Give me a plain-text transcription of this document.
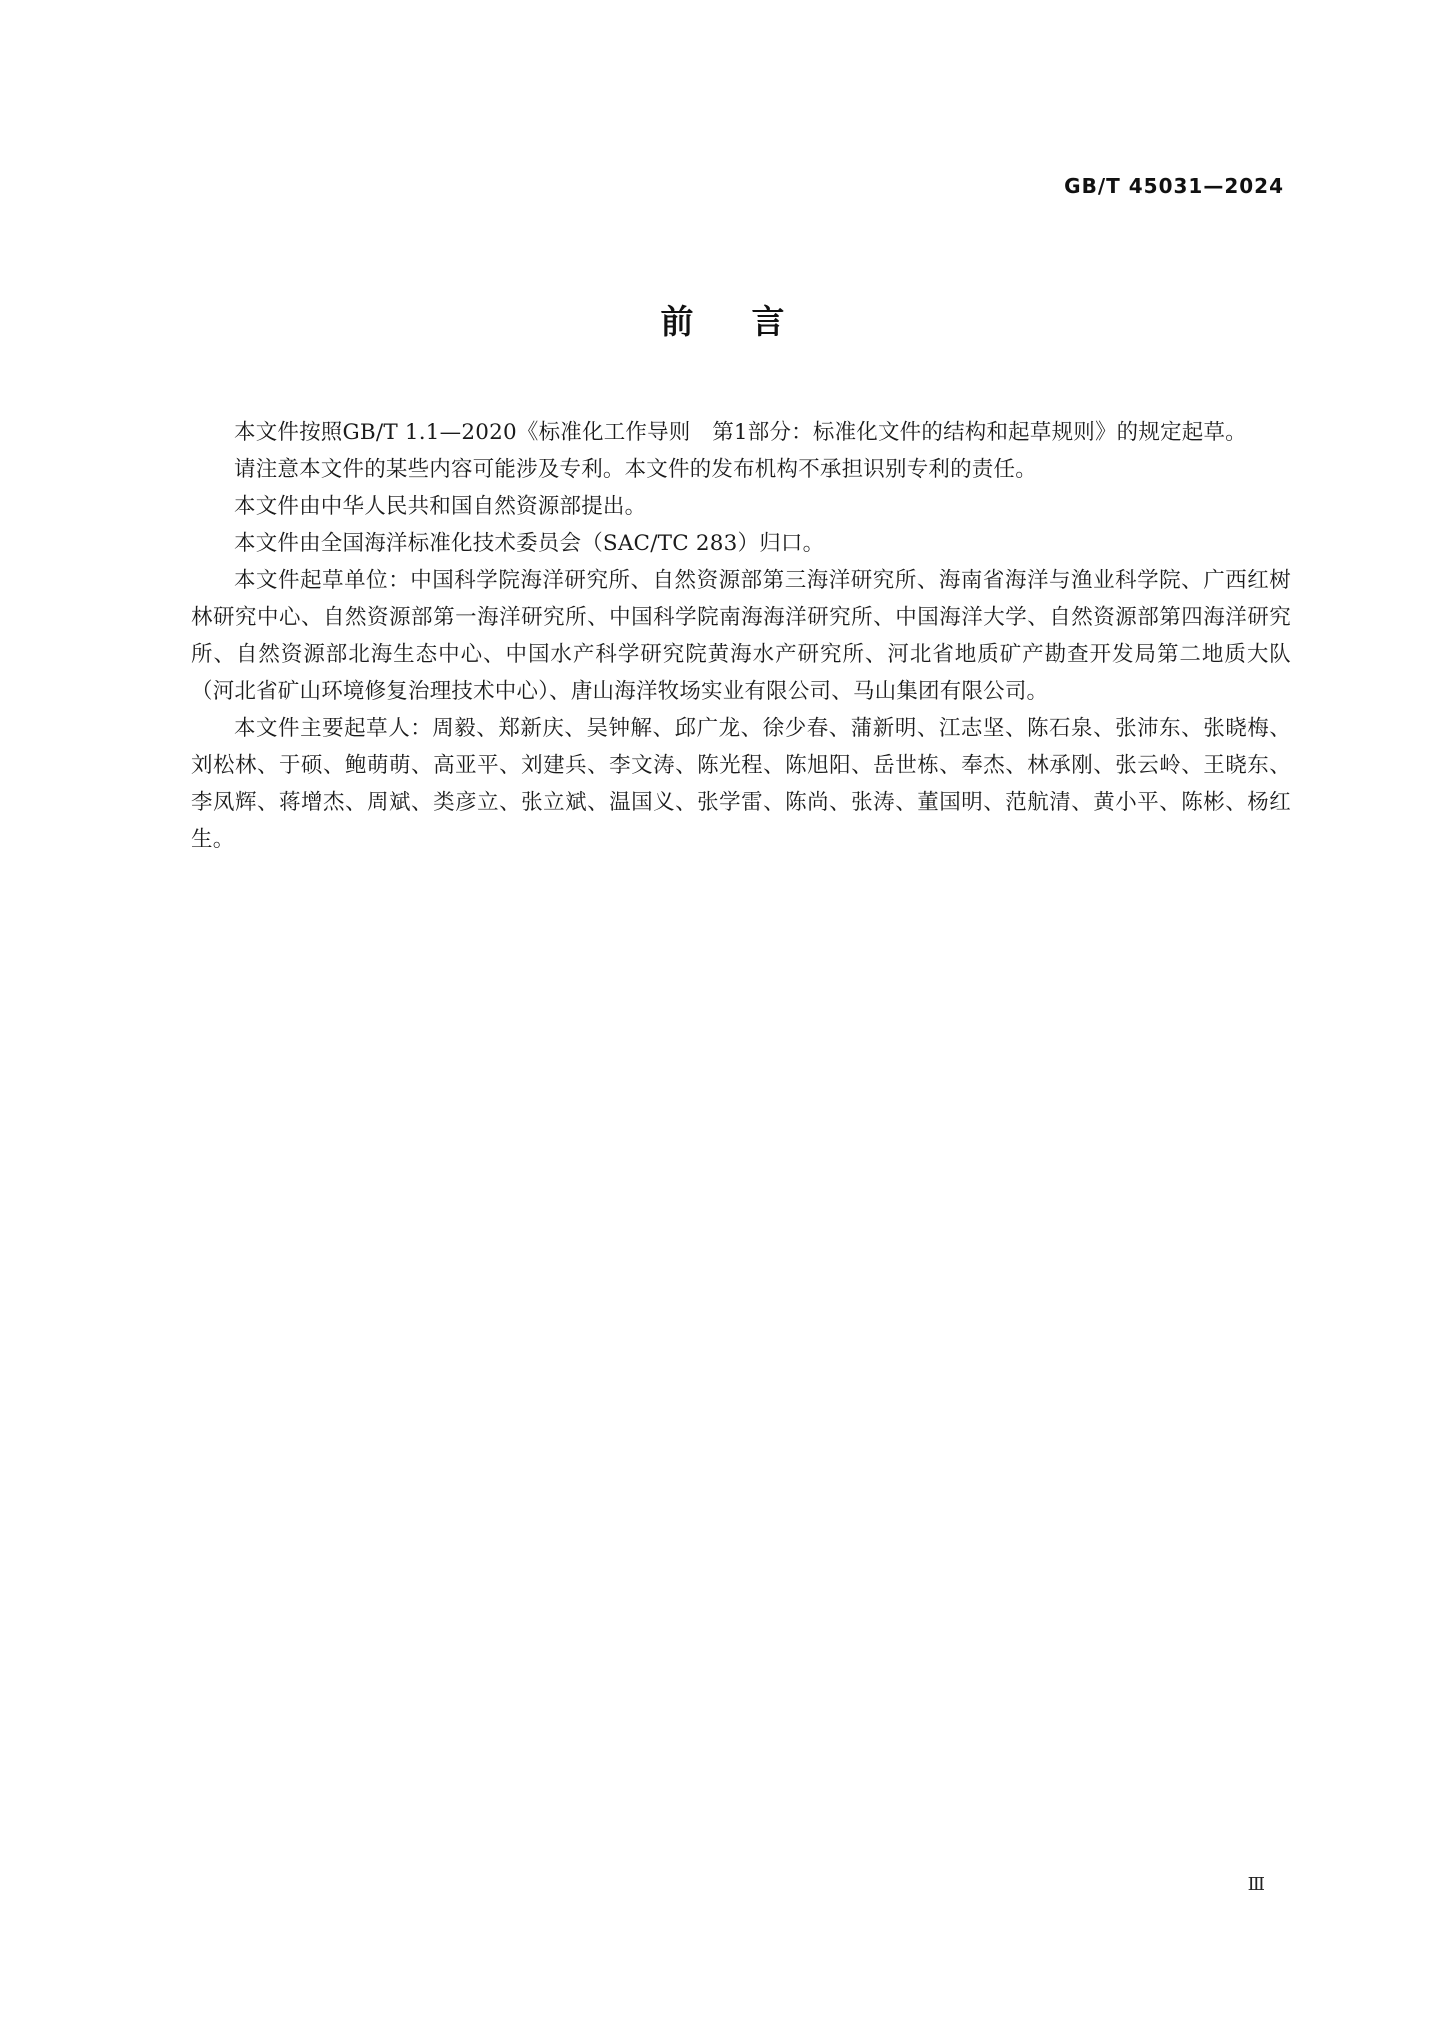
GB/T 45031—2024
前言

本文件按照GB/T 1.1—2020《标准化工作导则　第1部分：标准化文件的结构和起草规则》的规定起草。

请注意本文件的某些内容可能涉及专利。本文件的发布机构不承担识别专利的责任。

本文件由中华人民共和国自然资源部提出。

本文件由全国海洋标准化技术委员会（SAC/TC 283）归口。

本文件起草单位：中国科学院海洋研究所、自然资源部第三海洋研究所、海南省海洋与渔业科学院、广西红树林研究中心、自然资源部第一海洋研究所、中国科学院南海海洋研究所、中国海洋大学、自然资源部第四海洋研究所、自然资源部北海生态中心、中国水产科学研究院黄海水产研究所、河北省地质矿产勘查开发局第二地质大队（河北省矿山环境修复治理技术中心）、唐山海洋牧场实业有限公司、马山集团有限公司。

本文件主要起草人：周毅、郑新庆、吴钟解、邱广龙、徐少春、蒲新明、江志坚、陈石泉、张沛东、张晓梅、刘松林、于硕、鲍萌萌、高亚平、刘建兵、李文涛、陈光程、陈旭阳、岳世栋、奉杰、林承刚、张云岭、王晓东、李凤辉、蒋增杰、周斌、类彦立、张立斌、温国义、张学雷、陈尚、张涛、董国明、范航清、黄小平、陈彬、杨红生。

Ⅲ
